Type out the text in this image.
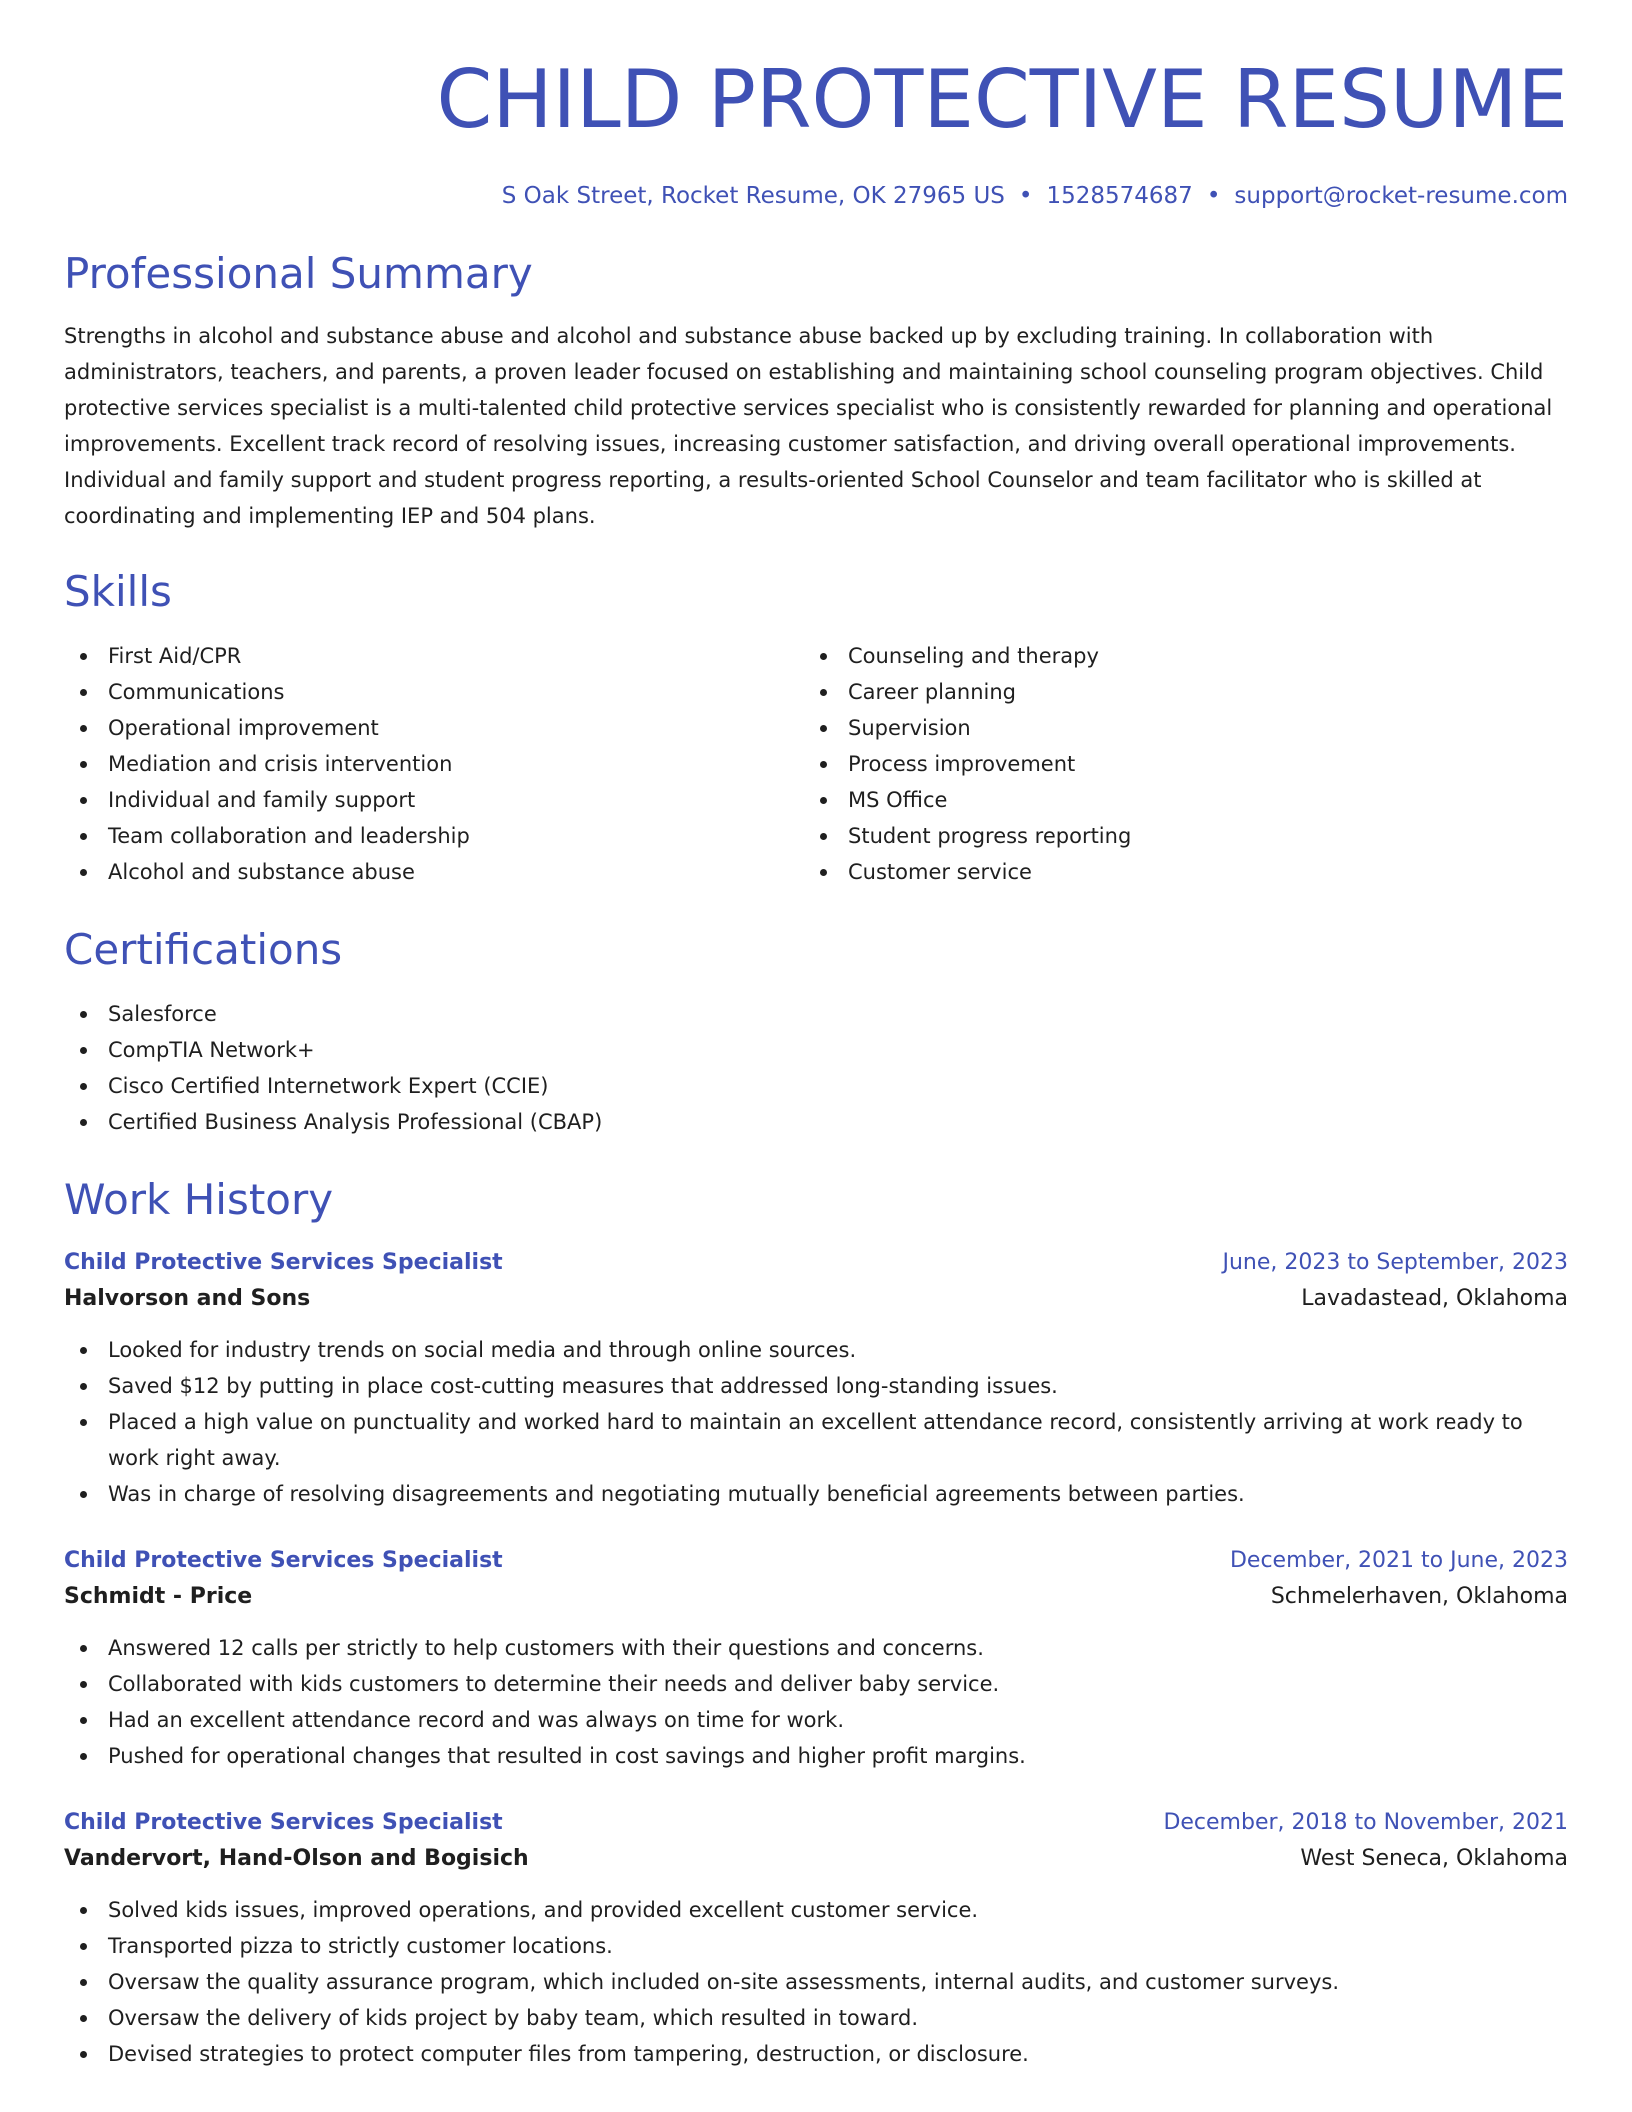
CHILD PROTECTIVE RESUME
S Oak Street, Rocket Resume, OK 27965 US • 1528574687 • support@rocket-resume.com
Professional Summary

Strengths in alcohol and substance abuse and alcohol and substance abuse backed up by excluding training. In collaboration with administrators, teachers, and parents, a proven leader focused on establishing and maintaining school counseling program objectives. Child protective services specialist is a multi-talented child protective services specialist who is consistently rewarded for planning and operational improvements. Excellent track record of resolving issues, increasing customer satisfaction, and driving overall operational improvements. Individual and family support and student progress reporting, a results-oriented School Counselor and team facilitator who is skilled at coordinating and implementing IEP and 504 plans.

Skills
First Aid/CPR
Communications
Operational improvement
Mediation and crisis intervention
Individual and family support
Team collaboration and leadership
Alcohol and substance abuse
Counseling and therapy
Career planning
Supervision
Process improvement
MS Office
Student progress reporting
Customer service
Certifications
Salesforce
CompTIA Network+
Cisco Certified Internetwork Expert (CCIE)
Certified Business Analysis Professional (CBAP)
Work History
Child Protective Services Specialist	June, 2023 to September, 2023
Halvorson and Sons	Lavadastead, Oklahoma
Looked for industry trends on social media and through online sources.
Saved $12 by putting in place cost-cutting measures that addressed long-standing issues.
Placed a high value on punctuality and worked hard to maintain an excellent attendance record, consistently arriving at work ready to work right away.
Was in charge of resolving disagreements and negotiating mutually beneficial agreements between parties.
Child Protective Services Specialist	December, 2021 to June, 2023
Schmidt - Price	Schmelerhaven, Oklahoma
Answered 12 calls per strictly to help customers with their questions and concerns.
Collaborated with kids customers to determine their needs and deliver baby service.
Had an excellent attendance record and was always on time for work.
Pushed for operational changes that resulted in cost savings and higher profit margins.
Child Protective Services Specialist	December, 2018 to November, 2021
Vandervort, Hand-Olson and Bogisich	West Seneca, Oklahoma
Solved kids issues, improved operations, and provided excellent customer service.
Transported pizza to strictly customer locations.
Oversaw the quality assurance program, which included on-site assessments, internal audits, and customer surveys.
Oversaw the delivery of kids project by baby team, which resulted in toward.
Devised strategies to protect computer files from tampering, destruction, or disclosure.
